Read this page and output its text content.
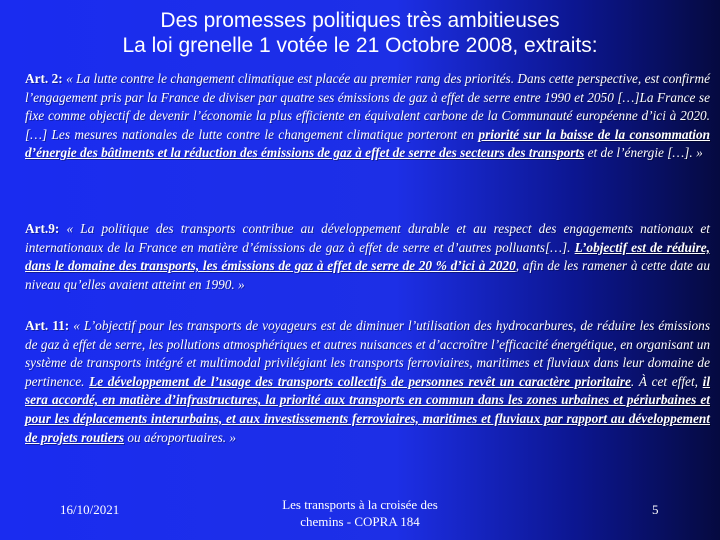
Des promesses politiques très ambitieuses
La loi grenelle 1 votée le 21 Octobre 2008, extraits:
Art. 2: « La lutte contre le changement climatique est placée au premier rang des priorités. Dans cette perspective, est confirmé l’engagement pris par la France de diviser par quatre ses émissions de gaz à effet de serre entre 1990 et 2050 […]La France se fixe comme objectif de devenir l’économie la plus efficiente en équivalent carbone de la Communauté européenne d’ici à 2020. […] Les mesures nationales de lutte contre le changement climatique porteront en priorité sur la baisse de la consommation d’énergie des bâtiments et la réduction des émissions de gaz à effet de serre des secteurs des transports et de l’énergie […]. »
Art.9: « La politique des transports contribue au développement durable et au respect des engagements nationaux et internationaux de la France en matière d’émissions de gaz à effet de serre et d’autres polluants[…]. L’objectif est de réduire, dans le domaine des transports, les émissions de gaz à effet de serre de 20 % d’ici à 2020, afin de les ramener à cette date au niveau qu’elles avaient atteint en 1990. »
Art. 11: « L’objectif pour les transports de voyageurs est de diminuer l’utilisation des hydrocarbures, de réduire les émissions de gaz à effet de serre, les pollutions atmosphériques et autres nuisances et d’accroître l’efficacité énergétique, en organisant un système de transports intégré et multimodal privilégiant les transports ferroviaires, maritimes et fluviaux dans leur domaine de pertinence. Le développement de l’usage des transports collectifs de personnes revêt un caractère prioritaire. À cet effet, il sera accordé, en matière d’infrastructures, la priorité aux transports en commun dans les zones urbaines et périurbaines et pour les déplacements interurbains, et aux investissements ferroviaires, maritimes et fluviaux par rapport au développement de projets routiers ou aéroportuaires. »
16/10/2021	Les transports à la croisée des
chemins - COPRA 184
5
